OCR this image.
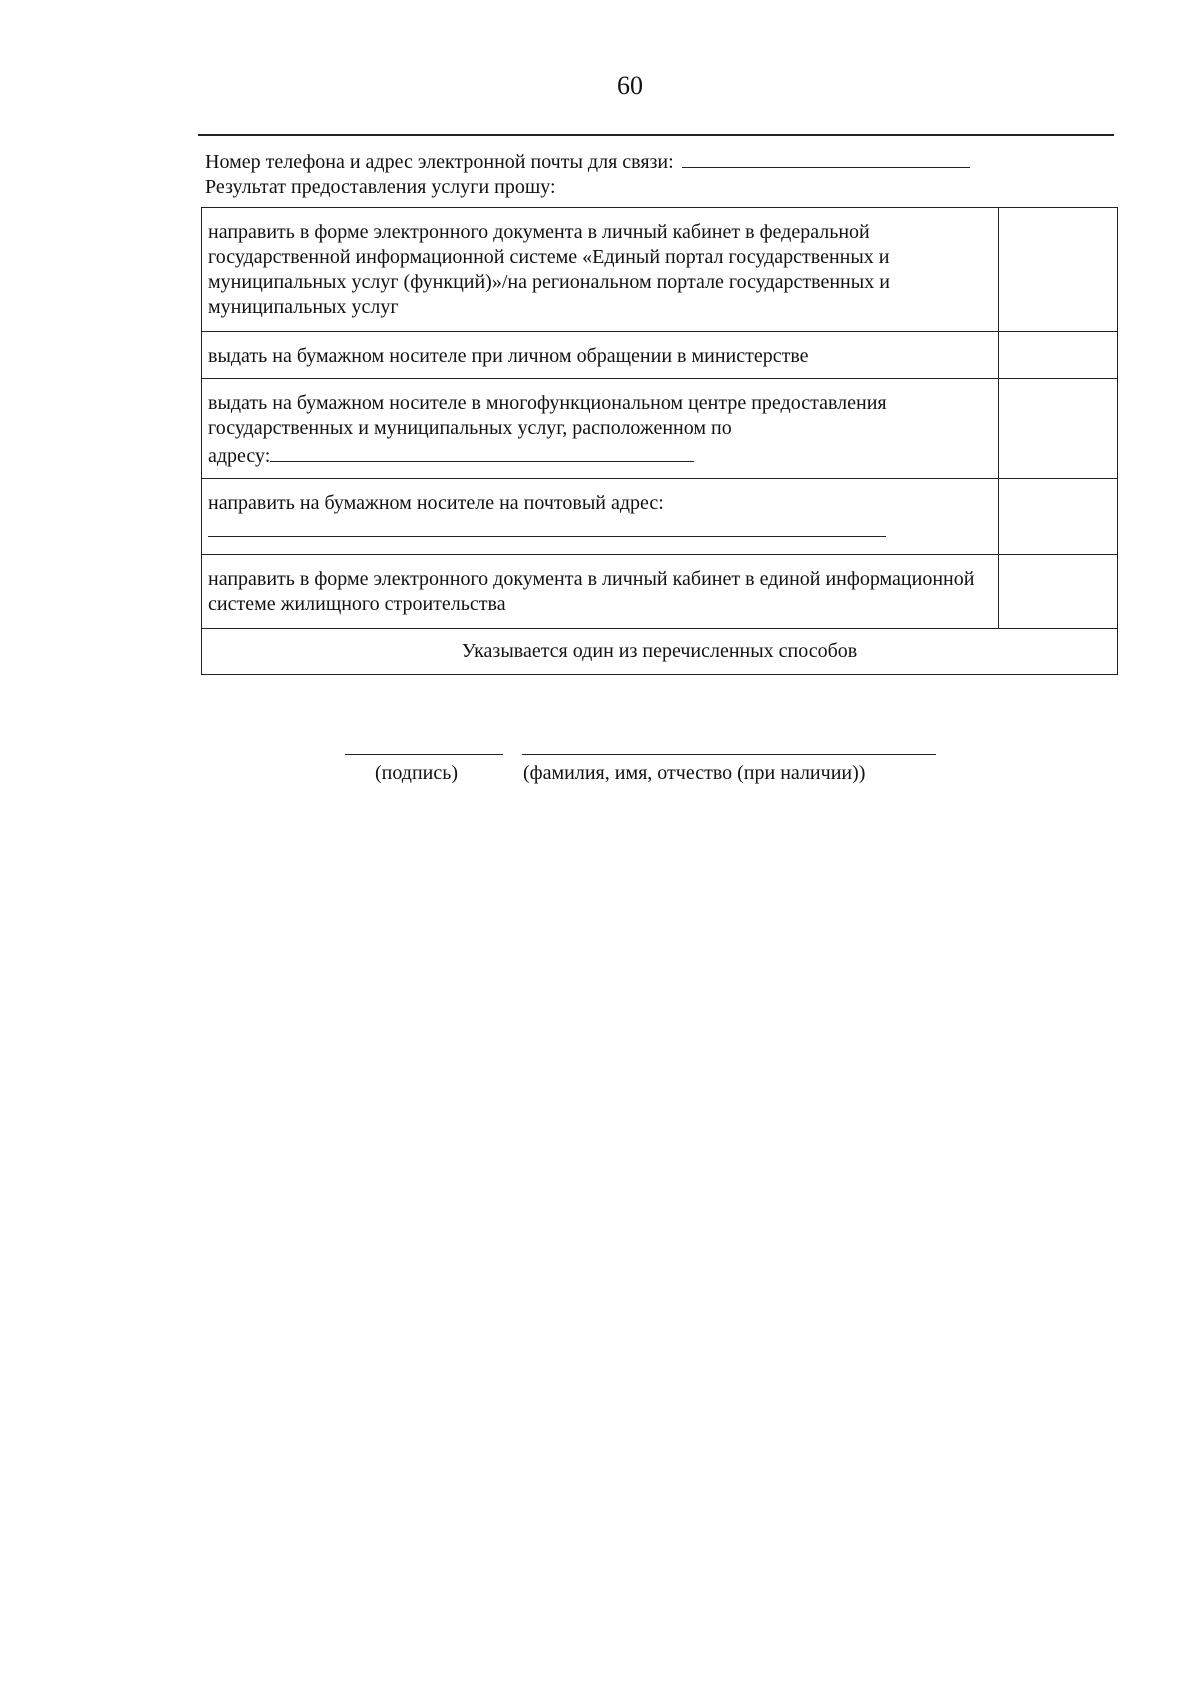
60
Номер телефона и адрес электронной почты для связи:
Результат предоставления услуги прошу:
направить в форме электронного документа в личный кабинет в федеральной государственной информационной системе «Единый портал государственных и муниципальных услуг (функций)»/на региональном портале государственных и муниципальных услуг	
выдать на бумажном носителе при личном обращении в министерстве	
выдать на бумажном носителе в многофункциональном центре предоставления государственных и муниципальных услуг, расположенном по
адресу:	
направить на бумажном носителе на почтовый адрес:

направить в форме электронного документа в личный кабинет в единой информационной системе жилищного строительства	
Указывается один из перечисленных способов	
(подпись)	(фамилия, имя, отчество (при наличии))
